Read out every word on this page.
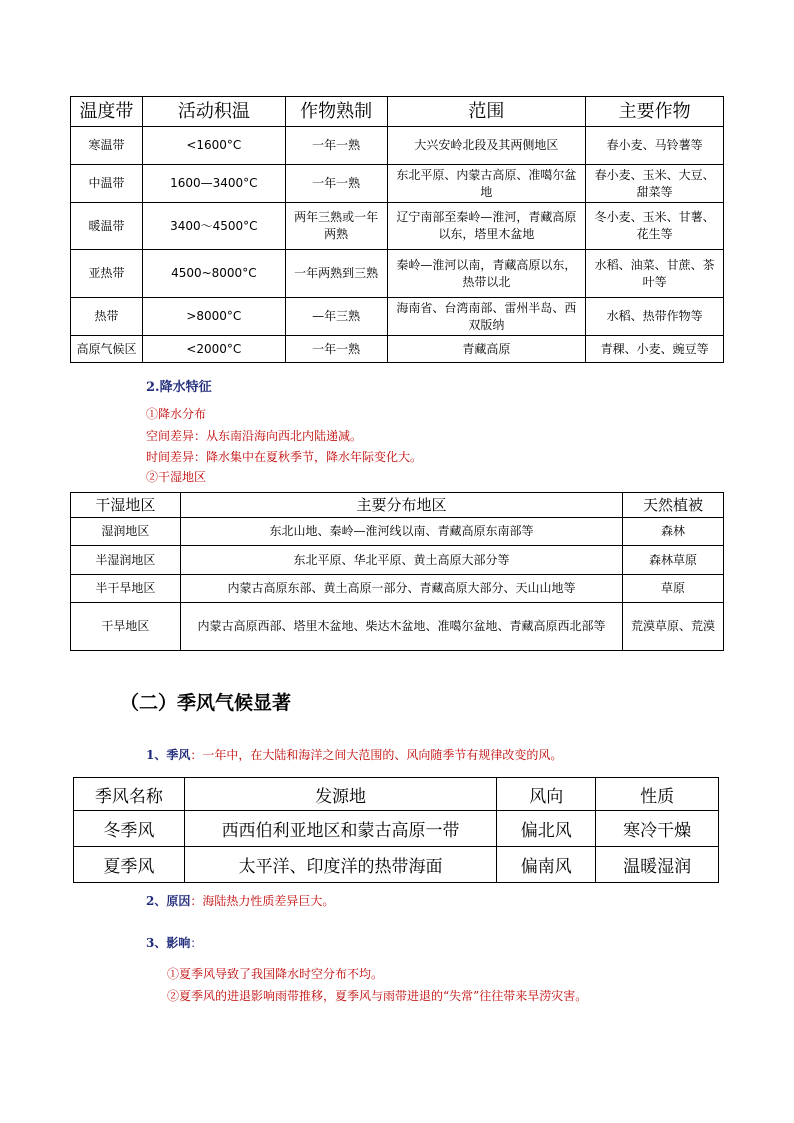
温度带	活动积温	作物熟制	范围	主要作物
寒温带	<1600°C	一年一熟	大兴安岭北段及其两侧地区	春小麦、马铃薯等
中温带	1600—3400°C	一年一熟	东北平原、内蒙古高原、准噶尔盆地	春小麦、玉米、大豆、甜菜等
暖温带	3400～4500°C	两年三熟或一年两熟	辽宁南部至秦岭—淮河，青藏高原以东，塔里木盆地	冬小麦、玉米、甘薯、花生等
亚热带	4500~8000°C	一年两熟到三熟	秦岭—淮河以南，青藏高原以东，热带以北	水稻、油菜、甘蔗、茶叶等
热带	>8000°C	—年三熟	海南省、台湾南部、雷州半岛、西双版纳	水稻、热带作物等
高原气候区	<2000°C	一年一熟	青藏高原	青稞、小麦、豌豆等
2.降水特征
①降水分布
空间差异：从东南沿海向西北内陆递减。
时间差异：降水集中在夏秋季节，降水年际变化大。
②干湿地区
干湿地区	主要分布地区	天然植被
湿润地区	东北山地、秦岭—淮河线以南、青藏高原东南部等	森林
半湿润地区	东北平原、华北平原、黄土高原大部分等	森林草原
半干旱地区	内蒙古高原东部、黄土高原一部分、青藏高原大部分、天山山地等	草原
干旱地区	内蒙古高原西部、塔里木盆地、柴达木盆地、准噶尔盆地、青藏高原西北部等	荒漠草原、荒漠
（二）季风气候显著
1、季风：一年中，在大陆和海洋之间大范围的、风向随季节有规律改变的风。
季风名称	发源地	风向	性质
冬季风	西西伯利亚地区和蒙古高原一带	偏北风	寒冷干燥
夏季风	太平洋、印度洋的热带海面	偏南风	温暖湿润
2、原因：海陆热力性质差异巨大。
3、影响：
①夏季风导致了我国降水时空分布不均。
②夏季风的进退影响雨带推移，夏季风与雨带进退的“失常”往往带来旱涝灾害。
